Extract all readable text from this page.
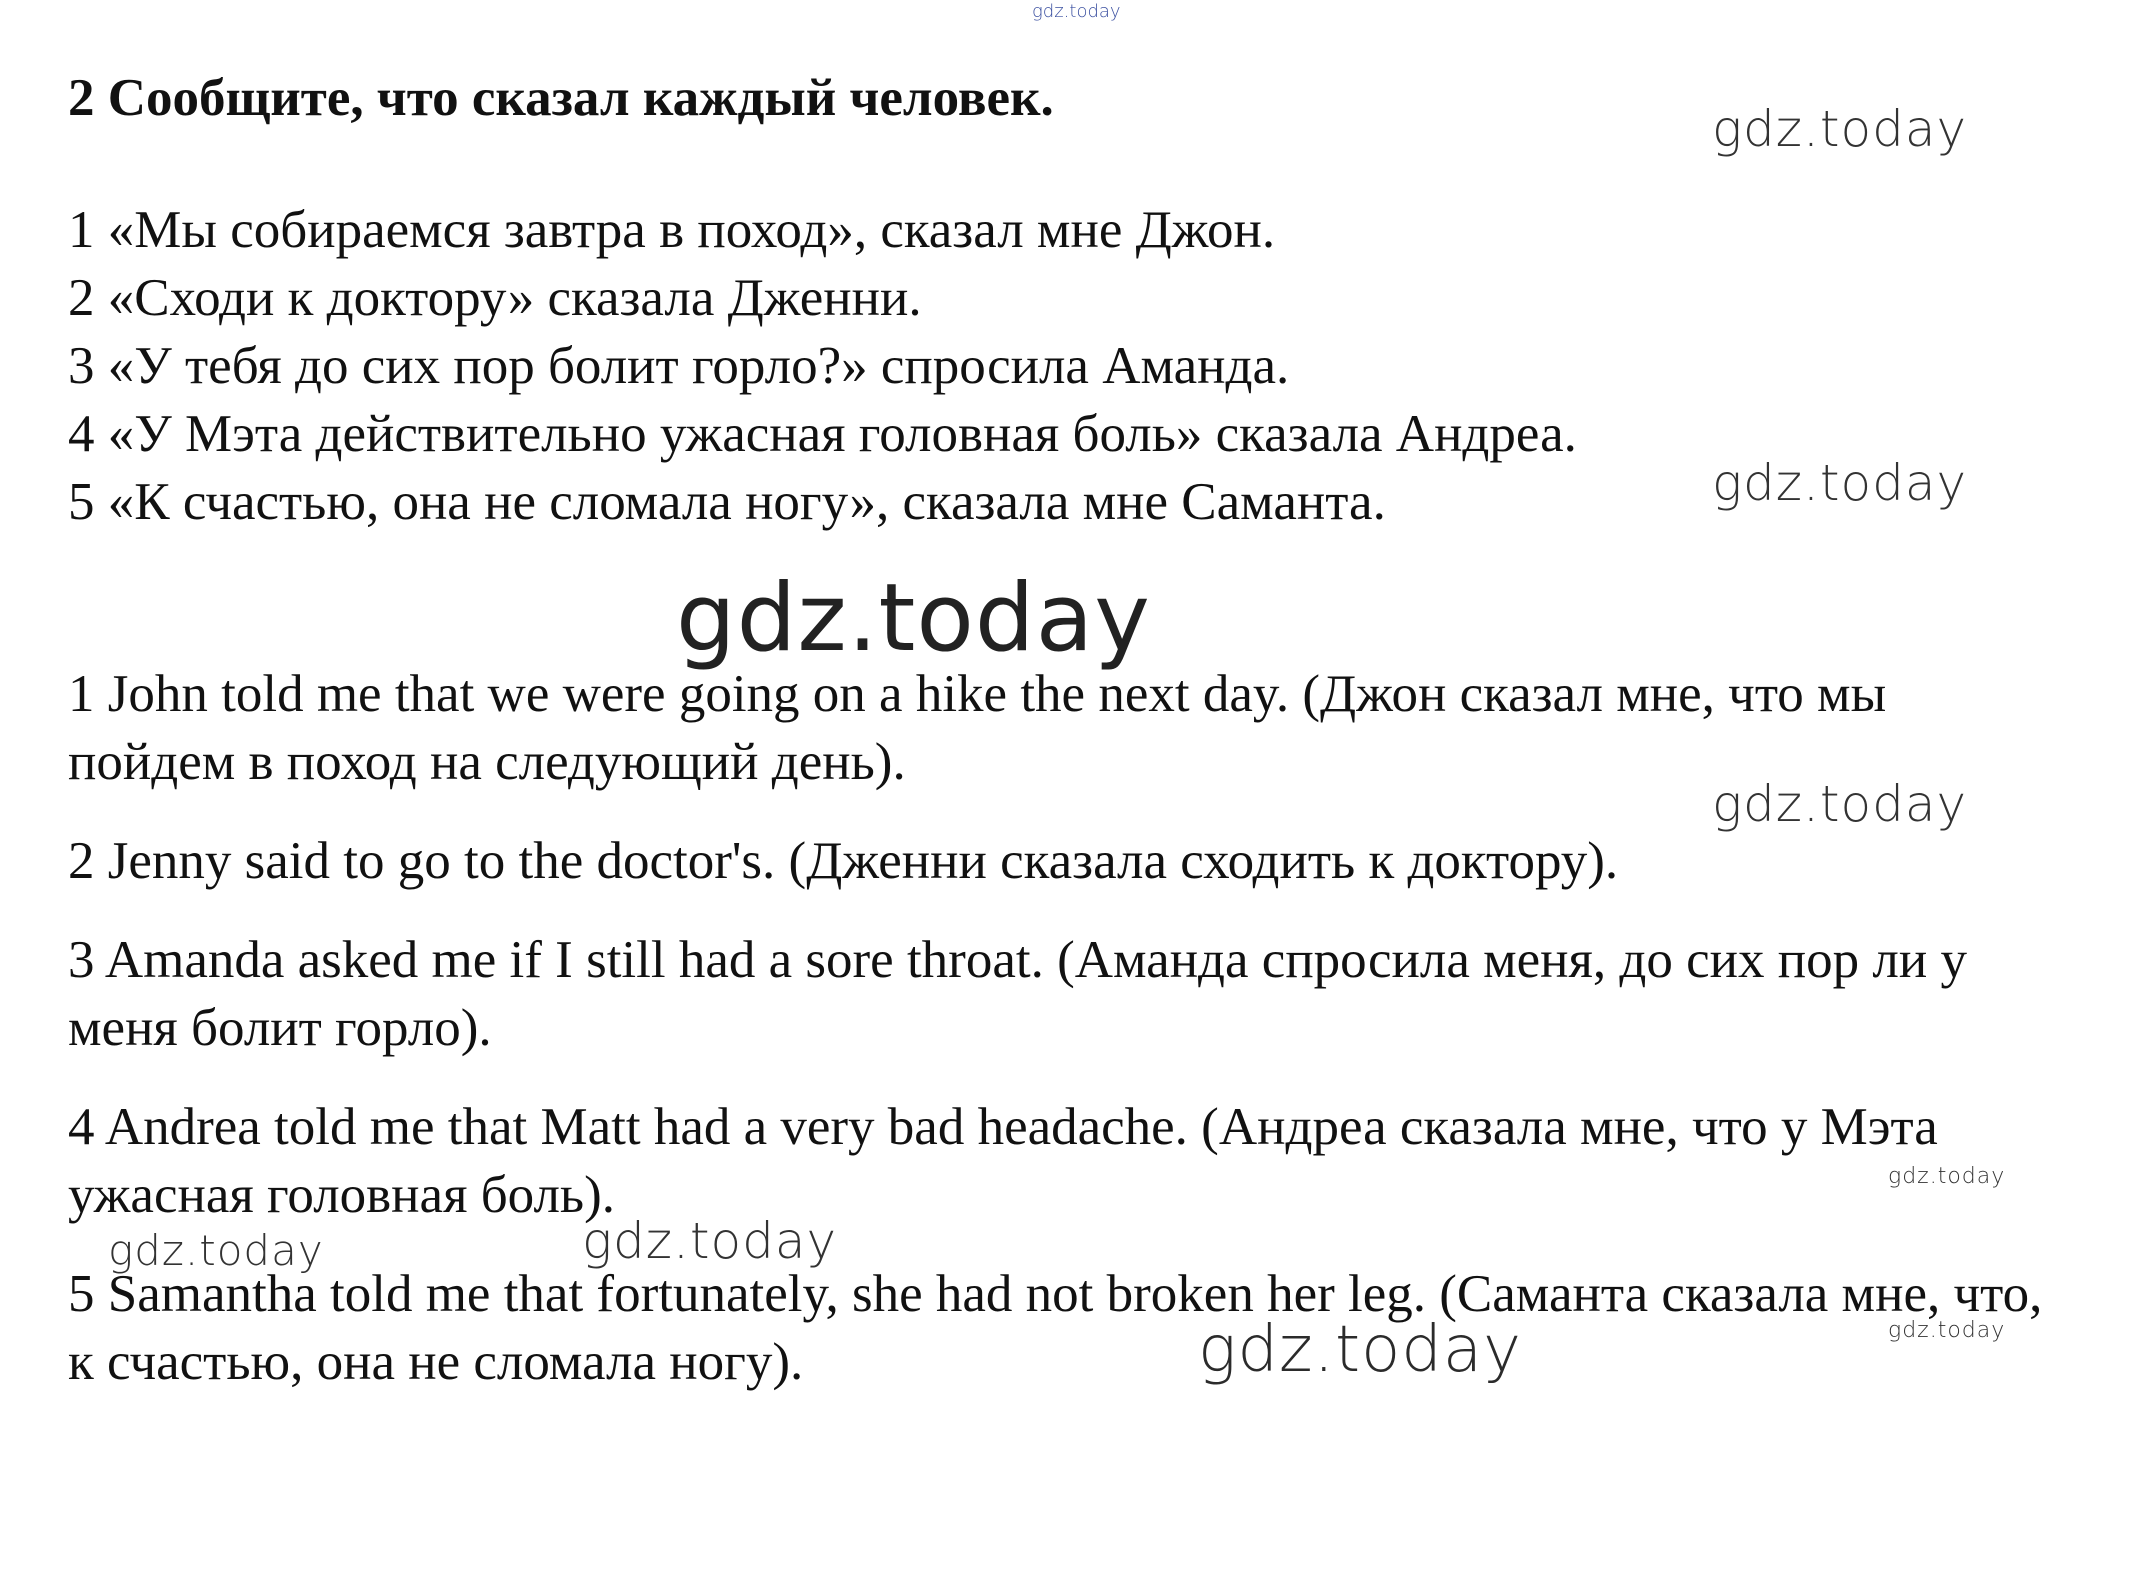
gdz.today
2 Сообщите, что сказал каждый человек.
1 «Мы собираемся завтра в поход», сказал мне Джон.
2 «Сходи к доктору» сказала Дженни.
3 «У тебя до сих пор болит горло?» спросила Аманда.
4 «У Мэта действительно ужасная головная боль» сказала Андреа.
5 «К счастью, она не сломала ногу», сказала мне Саманта.

1 John told me that we were going on a hike the next day. (Джон сказал мне, что мы пойдем в поход на следующий день).

2 Jenny said to go to the doctor's. (Дженни сказала сходить к доктору).

3 Amanda asked me if I still had a sore throat. (Аманда спросила меня, до сих пор ли у меня болит горло).

4 Andrea told me that Matt had a very bad headache. (Андреа сказала мне, что у Мэта ужасная головная боль).

5 Samantha told me that fortunately, she had not broken her leg. (Саманта сказала мне, что, к счастью, она не сломала ногу).

gdz.today
gdz.today
gdz.today
gdz.today
gdz.today
gdz.today	gdz.today
gdz.today
gdz.today
